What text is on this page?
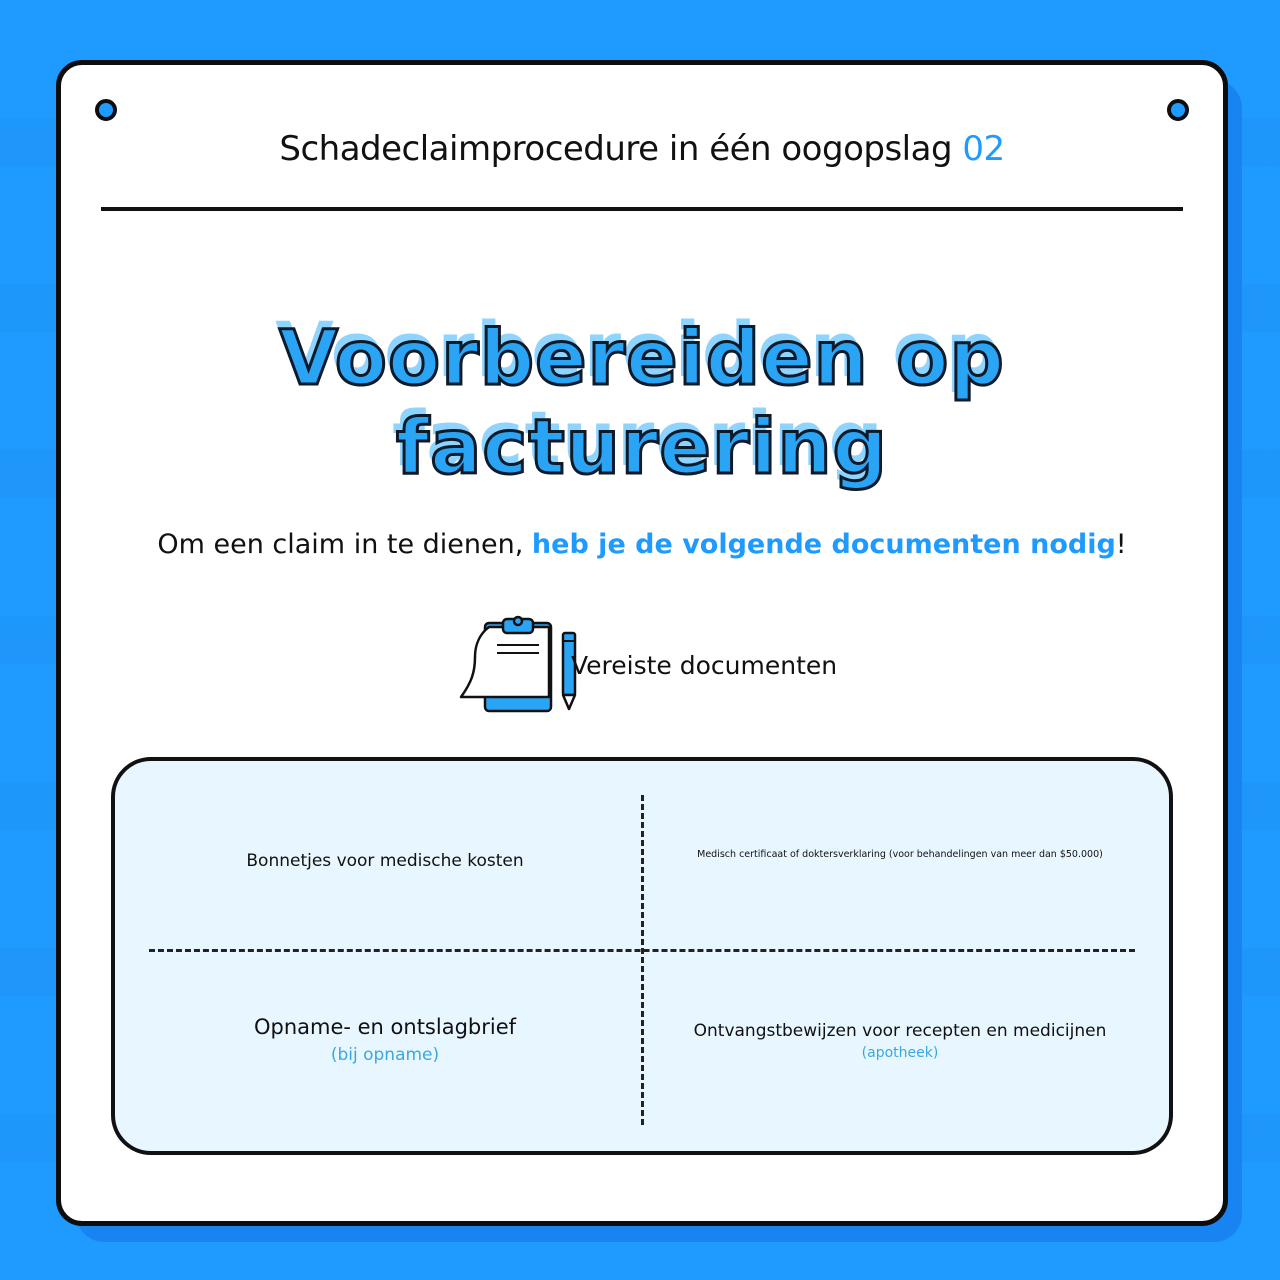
Schadeclaimprocedure in één oogopslag 02
Voorbereiden op facturering
Om een claim in te dienen, heb je de volgende documenten nodig!
Vereiste documenten
Bonnetjes voor medische kosten	Medisch certificaat of doktersverklaring (voor behandelingen van meer dan $50.000)
Opname- en ontslagbrief
(bij opname)
Ontvangstbewijzen voor recepten en medicijnen
(apotheek)
